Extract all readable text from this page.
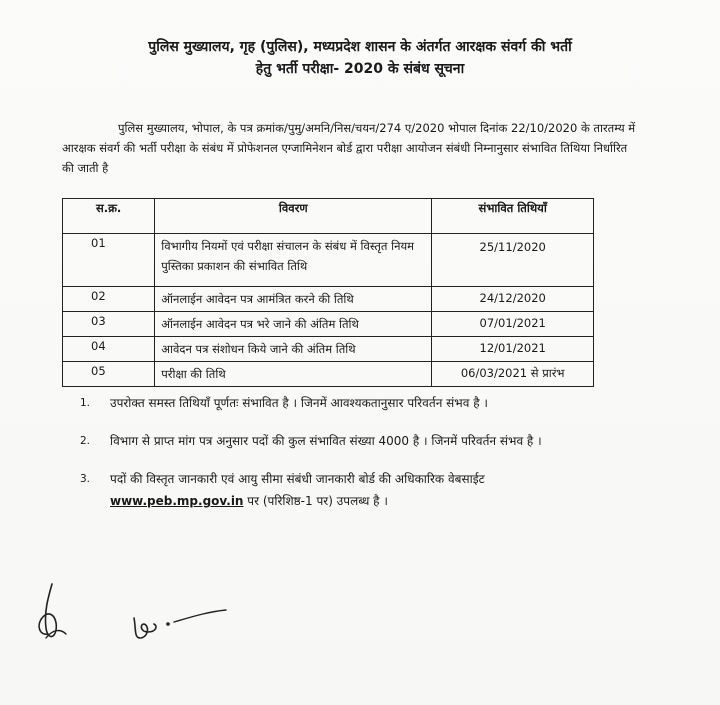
पुलिस मुख्यालय, गृह (पुलिस), मध्यप्रदेश शासन के अंतर्गत आरक्षक संवर्ग की भर्ती
हेतु भर्ती परीक्षा- 2020 के संबंध सूचना
पुलिस मुख्यालय, भोपाल, के पत्र क्रमांक/पुमु/अमनि/निस/चयन/274 ए/2020 भोपाल दिनांक 22/10/2020 के तारतम्य में आरक्षक संवर्ग की भर्ती परीक्षा के संबंध में प्रोफेशनल एग्जामिनेशन बोर्ड द्वारा परीक्षा आयोजन संबंधी निम्नानुसार संभावित तिथिया निर्धारित की जाती है
स.क्र.	विवरण	संभावित तिथियाँ
01	विभागीय नियमों एवं परीक्षा संचालन के संबंध में विस्तृत नियम पुस्तिका प्रकाशन की संभावित तिथि	25/11/2020
02	ऑनलाईन आवेदन पत्र आमंत्रित करने की तिथि	24/12/2020
03	ऑनलाईन आवेदन पत्र भरे जाने की अंतिम तिथि	07/01/2021
04	आवेदन पत्र संशोधन किये जाने की अंतिम तिथि	12/01/2021
05	परीक्षा की तिथि	06/03/2021 से प्रारंभ
1. उपरोक्त समस्त तिथियाँ पूर्णतः संभावित है । जिनमें आवश्यकतानुसार परिवर्तन संभव है ।
2. विभाग से प्राप्त मांग पत्र अनुसार पदों की कुल संभावित संख्या 4000 है । जिनमें परिवर्तन संभव है ।
3. पदों की विस्तृत जानकारी एवं आयु सीमा संबंधी जानकारी बोर्ड की अधिकारिक वेबसाईट www.peb.mp.gov.in पर (परिशिष्ठ-1 पर) उपलब्ध है ।
